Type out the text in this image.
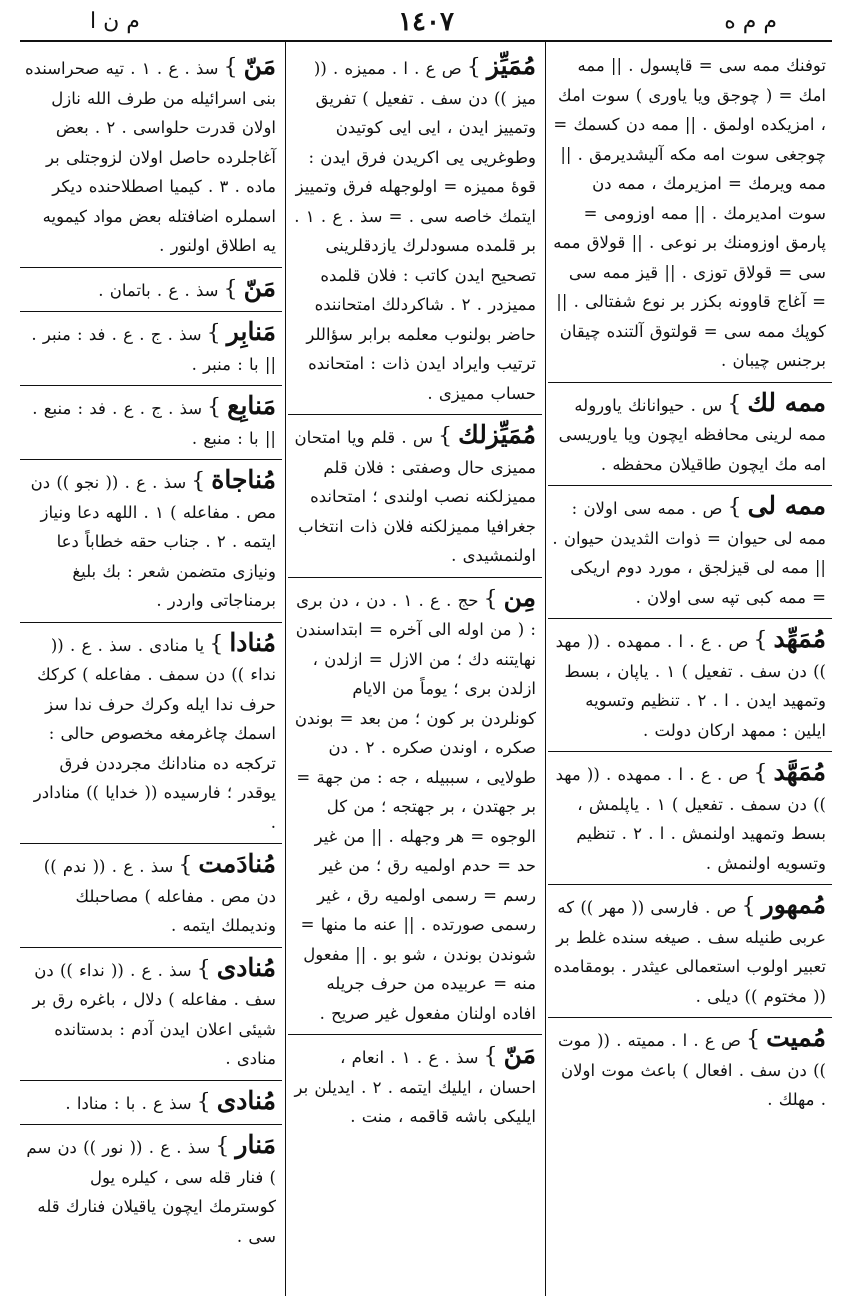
م م ه
١٤٠٧
م ن ا
توفنك ممه سی = قاپسول . || ممه امك = ( چوجق ويا ياورى ) سوت امك ، امزيكده اولمق . || ممه دن كسمك = چوجغی سوت امه مكه آليشديرمق . || ممه ويرمك = امزيرمك ، ممه دن سوت امديرمك . || ممه اوزومی = پارمق اوزومنك بر نوعی . || قولاق ممه سی = قولاق توزی . || قيز ممه سی = آغاج قاوونه بكزر بر نوع شفتالی . || كوپك ممه سی = قولتوق آلتنده چيقان برجنس چيبان .
ممه لك} س . حيوانانك ياوروله ممه لرينی محافظه ايچون ويا ياوريسی امه مك ايچون طاقيلان محفظه .
ممه لى} ص . ممه سی اولان : ممه لی حيوان = ذوات الثديدن حيوان . || ممه لی قيزلجق ، مورد دوم اريكی = ممه كبی تپه سی اولان .
مُمَهِّد} ص . ع . ا . ممهده . (( مهد )) دن سف . تفعيل ) ١ . ياپان ، بسط وتمهيد ايدن . ا . ٢ . تنظيم وتسويه ايلين : ممهد اركان دولت .
مُمَهَّد} ص . ع . ا . ممهده . (( مهد )) دن سمف . تفعيل ) ١ . ياپلمش ، بسط وتمهيد اولنمش . ا . ٢ . تنظيم وتسويه اولنمش .
مُمهور} ص . فارسی (( مهر )) كه عربی طنيله سف . صيغه سنده غلط بر تعبير اولوب استعمالی عيثدر . بومقامده (( مختوم )) دیلی .
مُميت} ص ع . ا . مميته . (( موت )) دن سف . افعال ) باعث موت اولان . مهلك .
مُمَيِّز} ص ع . ا . مميزه . (( ميز )) دن سف . تفعيل ) تفريق وتمييز ايدن ، ايی ايی كوتيدن وطوغريی يی اكريدن فرق ايدن : قوهٔ مميزه = اولوجهله فرق وتمييز ايتمك خاصه سی . = سذ . ع . ١ . بر قلمده مسودلرك يازدقلرينی تصحيح ايدن كاتب : فلان قلمده مميزدر . ٢ . شاكردلك امتحاننده حاضر بولنوب معلمه برابر سؤاللر ترتيب وايراد ايدن ذات : امتحانده حساب مميزی .
مُمَيِّزلك} س . قلم ويا امتحان مميزی حال وصفتی : فلان قلم مميزلكنه نصب اولندی ؛ امتحانده جغرافيا مميزلكنه فلان ذات انتخاب اولنمشيدی .
مِن} حج . ع . ١ . دن ، دن بری : ( من اوله الی آخره = ابتداسندن نهايتنه دك ؛ من الازل = ازلدن ، ازلدن بری ؛ يوماً من الايام كونلردن بر كون ؛ من بعد = بوندن صكره ، اوندن صكره . ٢ . دن طولايی ، سببيله ، جه : من جهة = بر جهتدن ، بر جهتجه ؛ من كل الوجوه = هر وجهله . || من غير حد = حدم اولميه رق ؛ من غير رسم = رسمی اولميه رق ، غير رسمی صورتده . || عنه ما منها = شوندن بوندن ، شو بو . || مفعول منه = عربيده من حرف جريله افاده اولنان مفعول غير صريح .
مَنّ} سذ . ع . ١ . انعام ، احسان ، ايليك ايتمه . ٢ . ايديلن بر ايليكی باشه قاقمه ، منت .
مَنّ} سذ . ع . ١ . تيه صحراسنده بنی اسرائيله من طرف الله نازل اولان قدرت حلواسی . ٢ . بعض آغاجلرده حاصل اولان لزوجتلی بر ماده . ٣ . كيميا اصطلاحنده ديكر اسملره اضافتله بعض مواد كيمويه يه اطلاق اولنور .
مَنّ} سذ . ع . باتمان .
مَنابِر} سذ . ج . ع . فد : منبر . || با : منبر .
مَنابِع} سذ . ج . ع . فد : منبع . || با : منبع .
مُناجاة} سذ . ع . (( نجو )) دن مص . مفاعله ) ١ . اللهه دعا ونياز ايتمه . ٢ . جناب حقه خطاباً دعا ونيازی متضمن شعر : بك بليغ برمناجاتی واردر .
مُنادا} يا منادی . سذ . ع . (( نداء )) دن سمف . مفاعله ) كركك حرف ندا ايله وكرك حرف ندا سز اسمك چاغرمغه مخصوص حالی : تركجه ده منادانك مجرددن فرق يوقدر ؛ فارسيده (( خدايا )) منادادر .
مُنادَمت} سذ . ع . (( ندم )) دن مص . مفاعله ) مصاحبلك ونديملك ايتمه .
مُنادی} سذ . ع . (( نداء )) دن سف . مفاعله ) دلال ، باغره رق بر شيئی اعلان ايدن آدم : بدستانده منادی .
مُنادی} سذ ع . با : منادا .
مَنار} سذ . ع . (( نور )) دن سم ) فنار قله سی ، كيلره يول كوسترمك ايچون ياقيلان فنارك قله سی .
